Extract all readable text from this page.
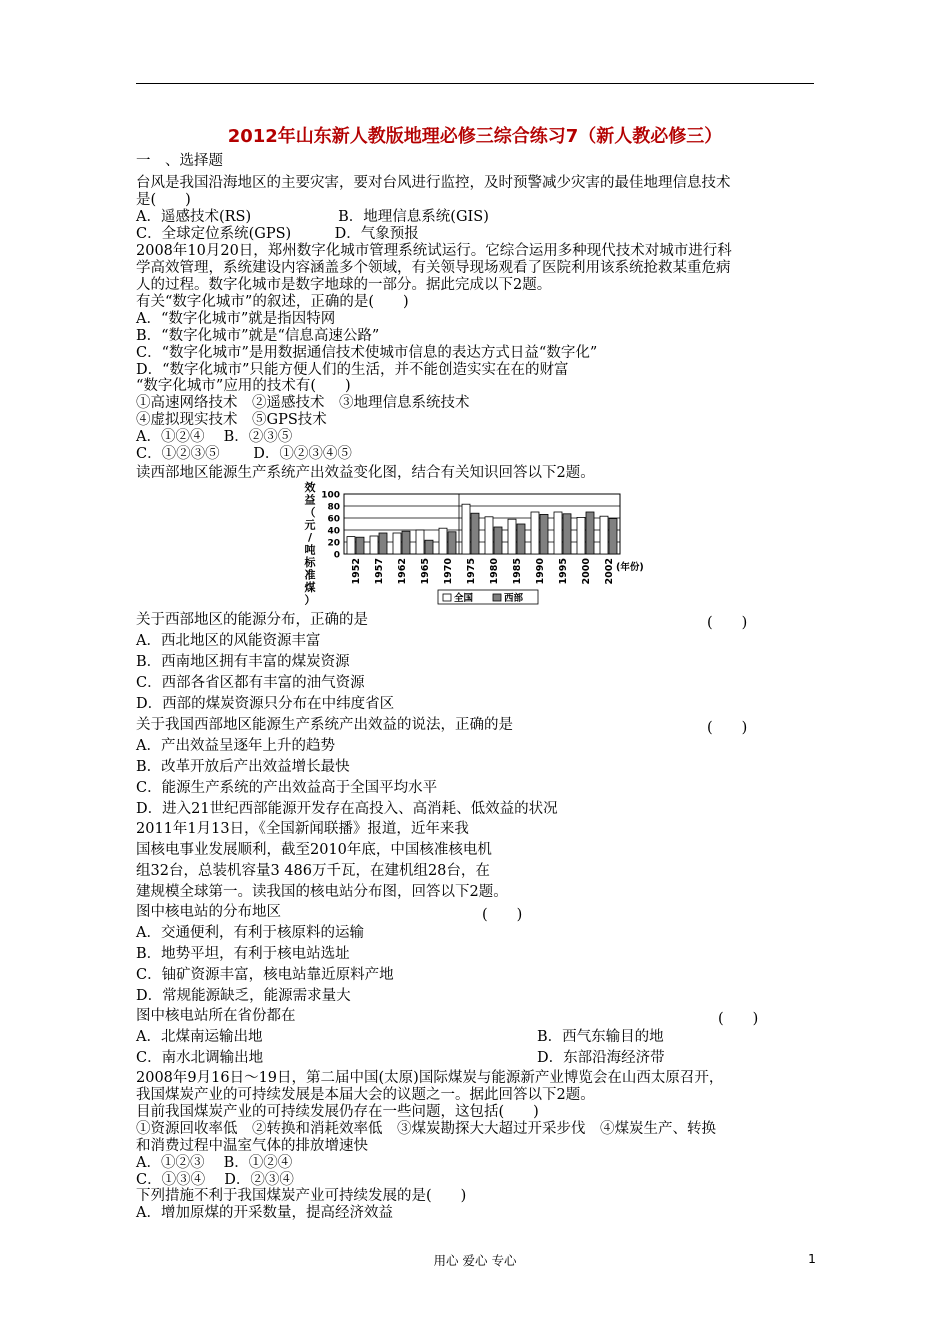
2012年山东新人教版地理必修三综合练习7（新人教必修三）
一　、选择题
台风是我国沿海地区的主要灾害，要对台风进行监控，及时预警减少灾害的最佳地理信息技术
是(　　)
A．遥感技术(RS)　　　　　　B．地理信息系统(GIS)
C．全球定位系统(GPS)　　　D．气象预报
2008年10月20日，郑州数字化城市管理系统试运行。它综合运用多种现代技术对城市进行科
学高效管理，系统建设内容涵盖多个领域，有关领导现场观看了医院利用该系统抢救某重危病
人的过程。数字化城市是数字地球的一部分。据此完成以下2题。
有关“数字化城市”的叙述，正确的是(　　)
A．“数字化城市”就是指因特网
B．“数字化城市”就是“信息高速公路”
C．“数字化城市”是用数据通信技术使城市信息的表达方式日益“数字化”
D．“数字化城市”只能方便人们的生活，并不能创造实实在在的财富
“数字化城市”应用的技术有(　　)
①高速网络技术　②遥感技术　③地理信息系统技术
④虚拟现实技术　⑤GPS技术
A．①②④　 B．②③⑤
C．①②③⑤　　 D．①②③④⑤
读西部地区能源生产系统产出效益变化图，结合有关知识回答以下2题。
0
20
40
60
80
100
效
益
（
元
/
吨
标
准
煤
）
1952 1957 1962 1965 1970 1975 1980 1985 1990 1995 2000 2002 (年份)
全国	西部
关于西部地区的能源分布，正确的是	(　　)
A．西北地区的风能资源丰富
B．西南地区拥有丰富的煤炭资源
C．西部各省区都有丰富的油气资源
D．西部的煤炭资源只分布在中纬度省区
关于我国西部地区能源生产系统产出效益的说法，正确的是	(　　)
A．产出效益呈逐年上升的趋势
B．改革开放后产出效益增长最快
C．能源生产系统的产出效益高于全国平均水平
D．进入21世纪西部能源开发存在高投入、高消耗、低效益的状况
2011年1月13日，《全国新闻联播》报道，近年来我
国核电事业发展顺利，截至2010年底，中国核准核电机
组32台，总装机容量3 486万千瓦，在建机组28台，在
建规模全球第一。读我国的核电站分布图，回答以下2题。
图中核电站的分布地区	(　　)
A．交通便利，有利于核原料的运输
B．地势平坦，有利于核电站选址
C．铀矿资源丰富，核电站靠近原料产地
D．常规能源缺乏，能源需求量大
图中核电站所在省份都在	(　　)
A．北煤南运输出地	B．西气东输目的地
C．南水北调输出地	D．东部沿海经济带
2008年9月16日～19日，第二届中国(太原)国际煤炭与能源新产业博览会在山西太原召开，
我国煤炭产业的可持续发展是本届大会的议题之一。据此回答以下2题。
目前我国煤炭产业的可持续发展仍存在一些问题，这包括(　　)
①资源回收率低　②转换和消耗效率低　③煤炭勘探大大超过开采步伐　④煤炭生产、转换
和消费过程中温室气体的排放增速快
A．①②③　 B．①②④
C．①③④　 D．②③④
下列措施不利于我国煤炭产业可持续发展的是(　　)
A．增加原煤的开采数量，提高经济效益
用心 爱心 专心	1
